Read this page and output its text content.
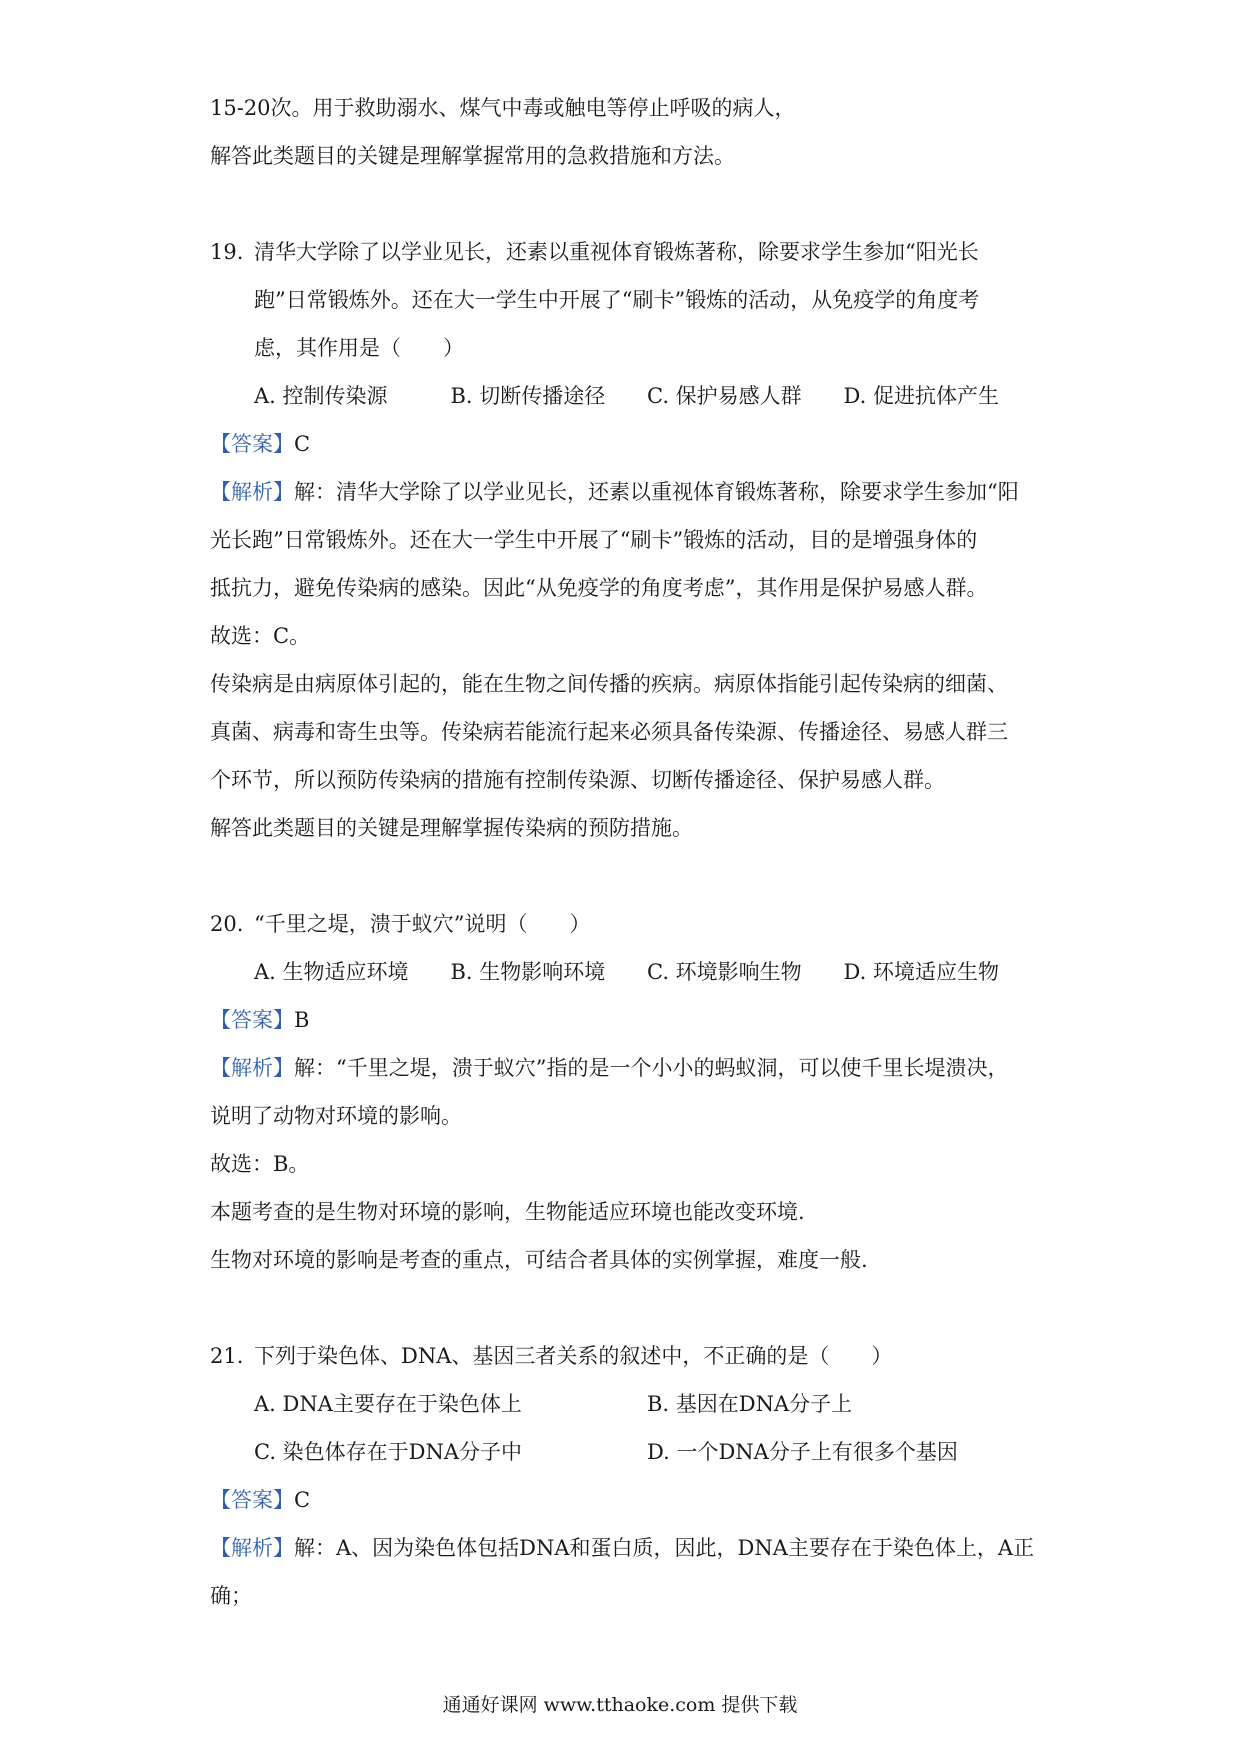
15-20次。用于救助溺水、煤气中毒或触电等停止呼吸的病人，

解答此类题目的关键是理解掌握常用的急救措施和方法。

19. 清华大学除了以学业见长，还素以重视体育锻炼著称，除要求学生参加“阳光长

跑”日常锻炼外。还在大一学生中开展了“刷卡”锻炼的活动，从免疫学的角度考

虑，其作用是（　　）

A. 控制传染源	B. 切断传播途径	C. 保护易感人群	D. 促进抗体产生

【答案】C

【解析】解：清华大学除了以学业见长，还素以重视体育锻炼著称，除要求学生参加“阳

光长跑”日常锻炼外。还在大一学生中开展了“刷卡”锻炼的活动，目的是增强身体的

抵抗力，避免传染病的感染。因此“从免疫学的角度考虑”，其作用是保护易感人群。

故选：C。

传染病是由病原体引起的，能在生物之间传播的疾病。病原体指能引起传染病的细菌、

真菌、病毒和寄生虫等。传染病若能流行起来必须具备传染源、传播途径、易感人群三

个环节，所以预防传染病的措施有控制传染源、切断传播途径、保护易感人群。

解答此类题目的关键是理解掌握传染病的预防措施。

20. “千里之堤，溃于蚁穴”说明（　　）

A. 生物适应环境	B. 生物影响环境	C. 环境影响生物	D. 环境适应生物

【答案】B

【解析】解：“千里之堤，溃于蚁穴”指的是一个小小的蚂蚁洞，可以使千里长堤溃决，

说明了动物对环境的影响。

故选：B。

本题考查的是生物对环境的影响，生物能适应环境也能改变环境.

生物对环境的影响是考查的重点，可结合者具体的实例掌握，难度一般.

21. 下列于染色体、DNA、基因三者关系的叙述中，不正确的是（　　）

A. DNA主要存在于染色体上	B. 基因在DNA分子上
C. 染色体存在于DNA分子中	D. 一个DNA分子上有很多个基因

【答案】C

【解析】解：A、因为染色体包括DNA和蛋白质，因此，DNA主要存在于染色体上，A正

确；

通通好课网 www.tthaoke.com 提供下载
